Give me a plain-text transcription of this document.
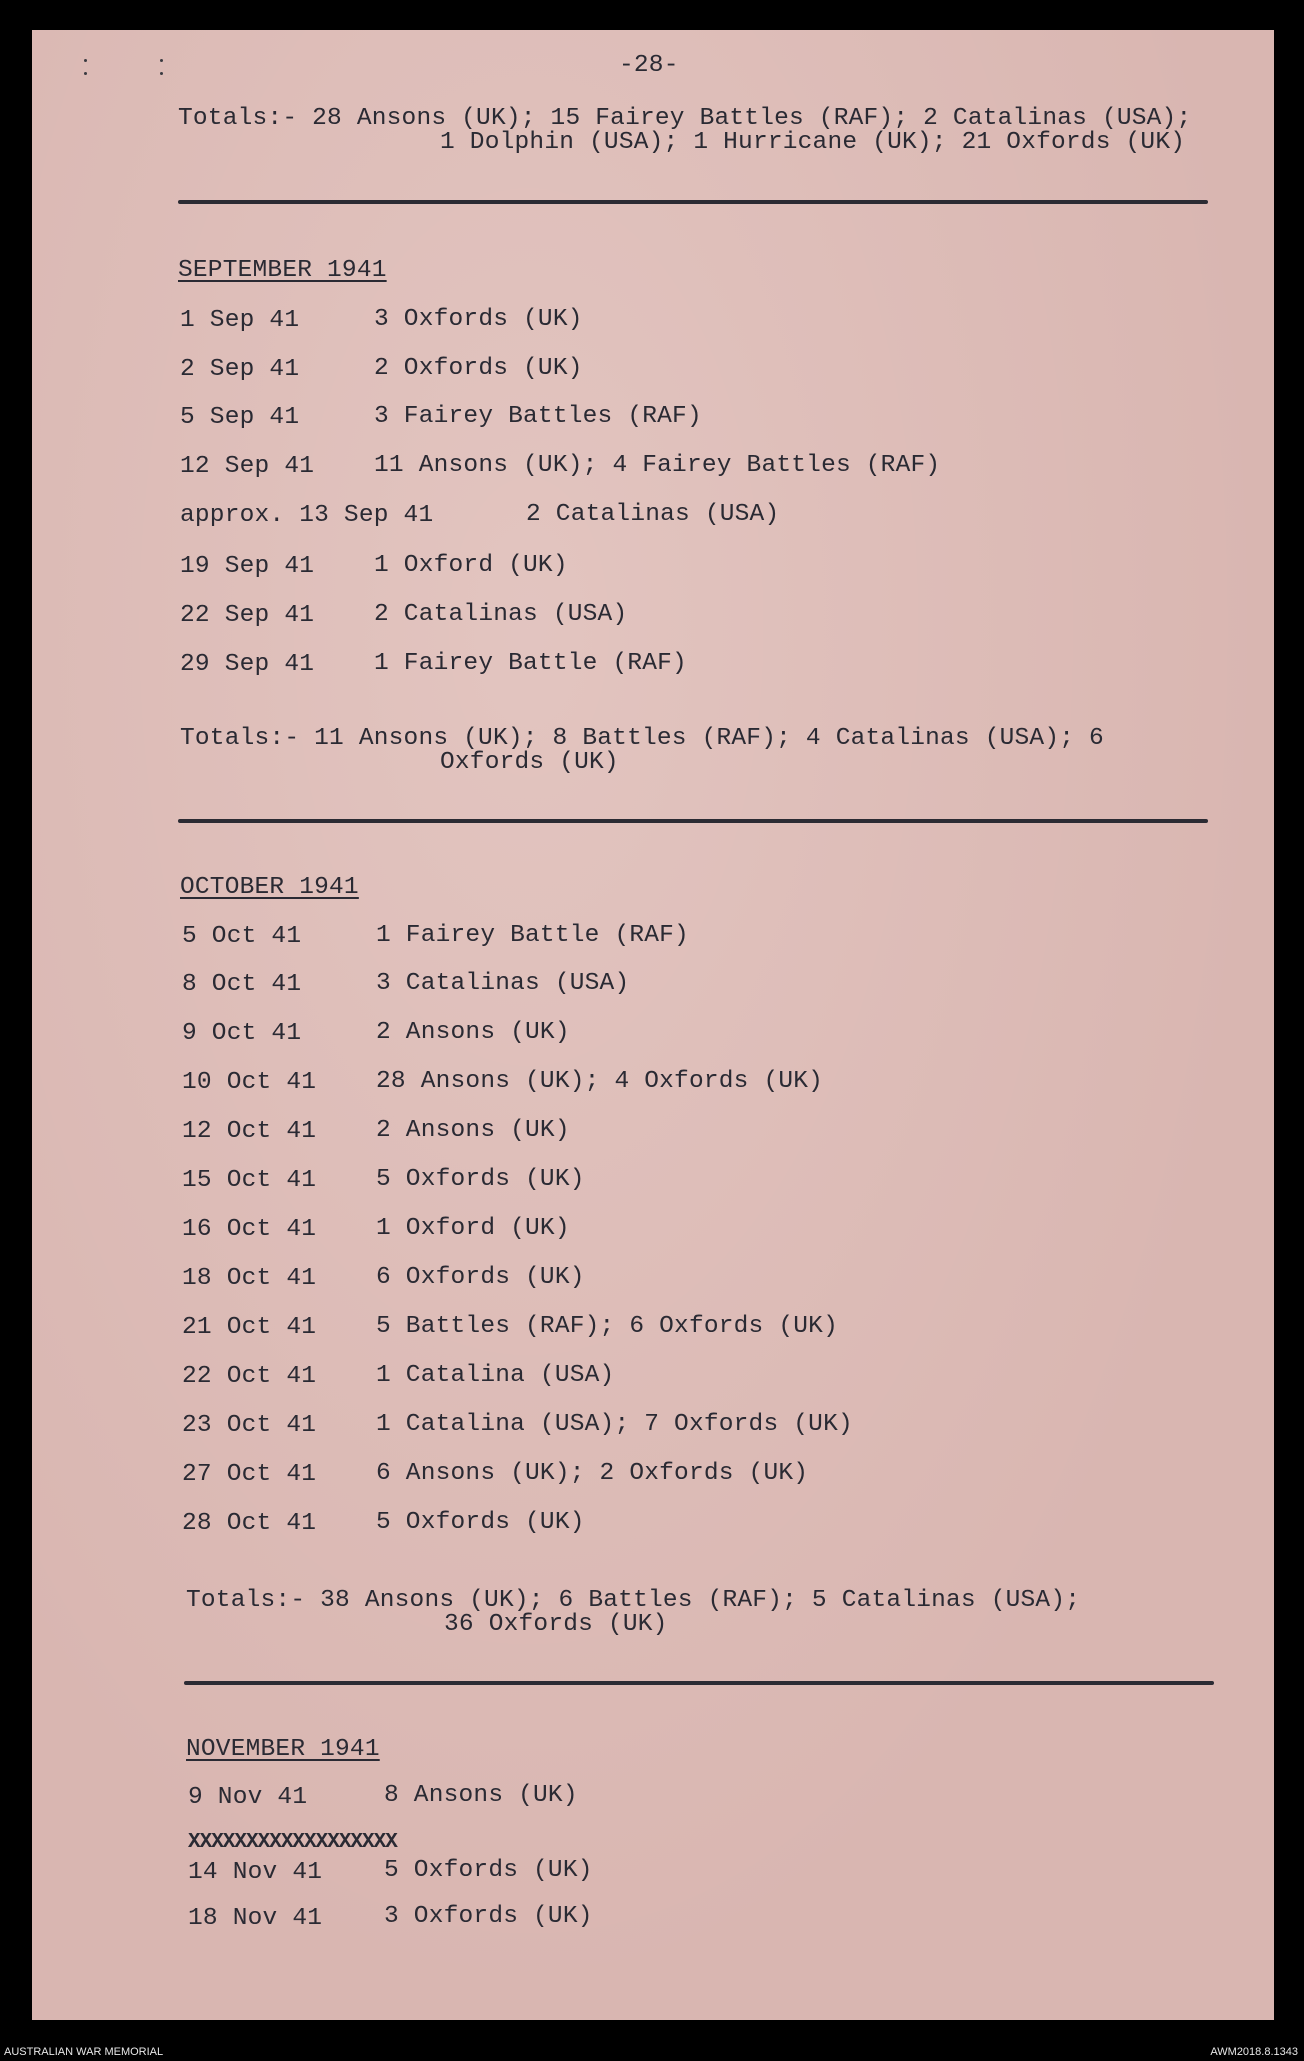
-28-
Totals:- 28 Ansons (UK); 15 Fairey Battles (RAF); 2 Catalinas (USA);
1 Dolphin (USA); 1 Hurricane (UK); 21 Oxfords (UK)
SEPTEMBER 1941
1 Sep 41	3 Oxfords (UK)
2 Sep 41	2 Oxfords (UK)
5 Sep 41	3 Fairey Battles (RAF)
12 Sep 41 11 Ansons (UK); 4 Fairey Battles (RAF)
approx. 13 Sep 41	2 Catalinas (USA)
19 Sep 41 1 Oxford (UK)
22 Sep 41 2 Catalinas (USA)
29 Sep 41 1 Fairey Battle (RAF)
Totals:- 11 Ansons (UK); 8 Battles (RAF); 4 Catalinas (USA); 6
Oxfords (UK)
OCTOBER 1941
5 Oct 41	1 Fairey Battle (RAF)
8 Oct 41	3 Catalinas (USA)
9 Oct 41	2 Ansons (UK)
10 Oct 41 28 Ansons (UK); 4 Oxfords (UK)
12 Oct 41 2 Ansons (UK)
15 Oct 41 5 Oxfords (UK)
16 Oct 41 1 Oxford (UK)
18 Oct 41 6 Oxfords (UK)
21 Oct 41 5 Battles (RAF); 6 Oxfords (UK)
22 Oct 41 1 Catalina (USA)
23 Oct 41 1 Catalina (USA); 7 Oxfords (UK)
27 Oct 41 6 Ansons (UK); 2 Oxfords (UK)
28 Oct 41 5 Oxfords (UK)
Totals:- 38 Ansons (UK); 6 Battles (RAF); 5 Catalinas (USA);
36 Oxfords (UK)
NOVEMBER 1941
9 Nov 41	8 Ansons (UK)
XXXXXXXXXXXXXXXXXX
14 Nov 41	5 Oxfords (UK)
18 Nov 41	3 Oxfords (UK)
AUSTRALIAN WAR MEMORIAL	AWM2018.8.1343
